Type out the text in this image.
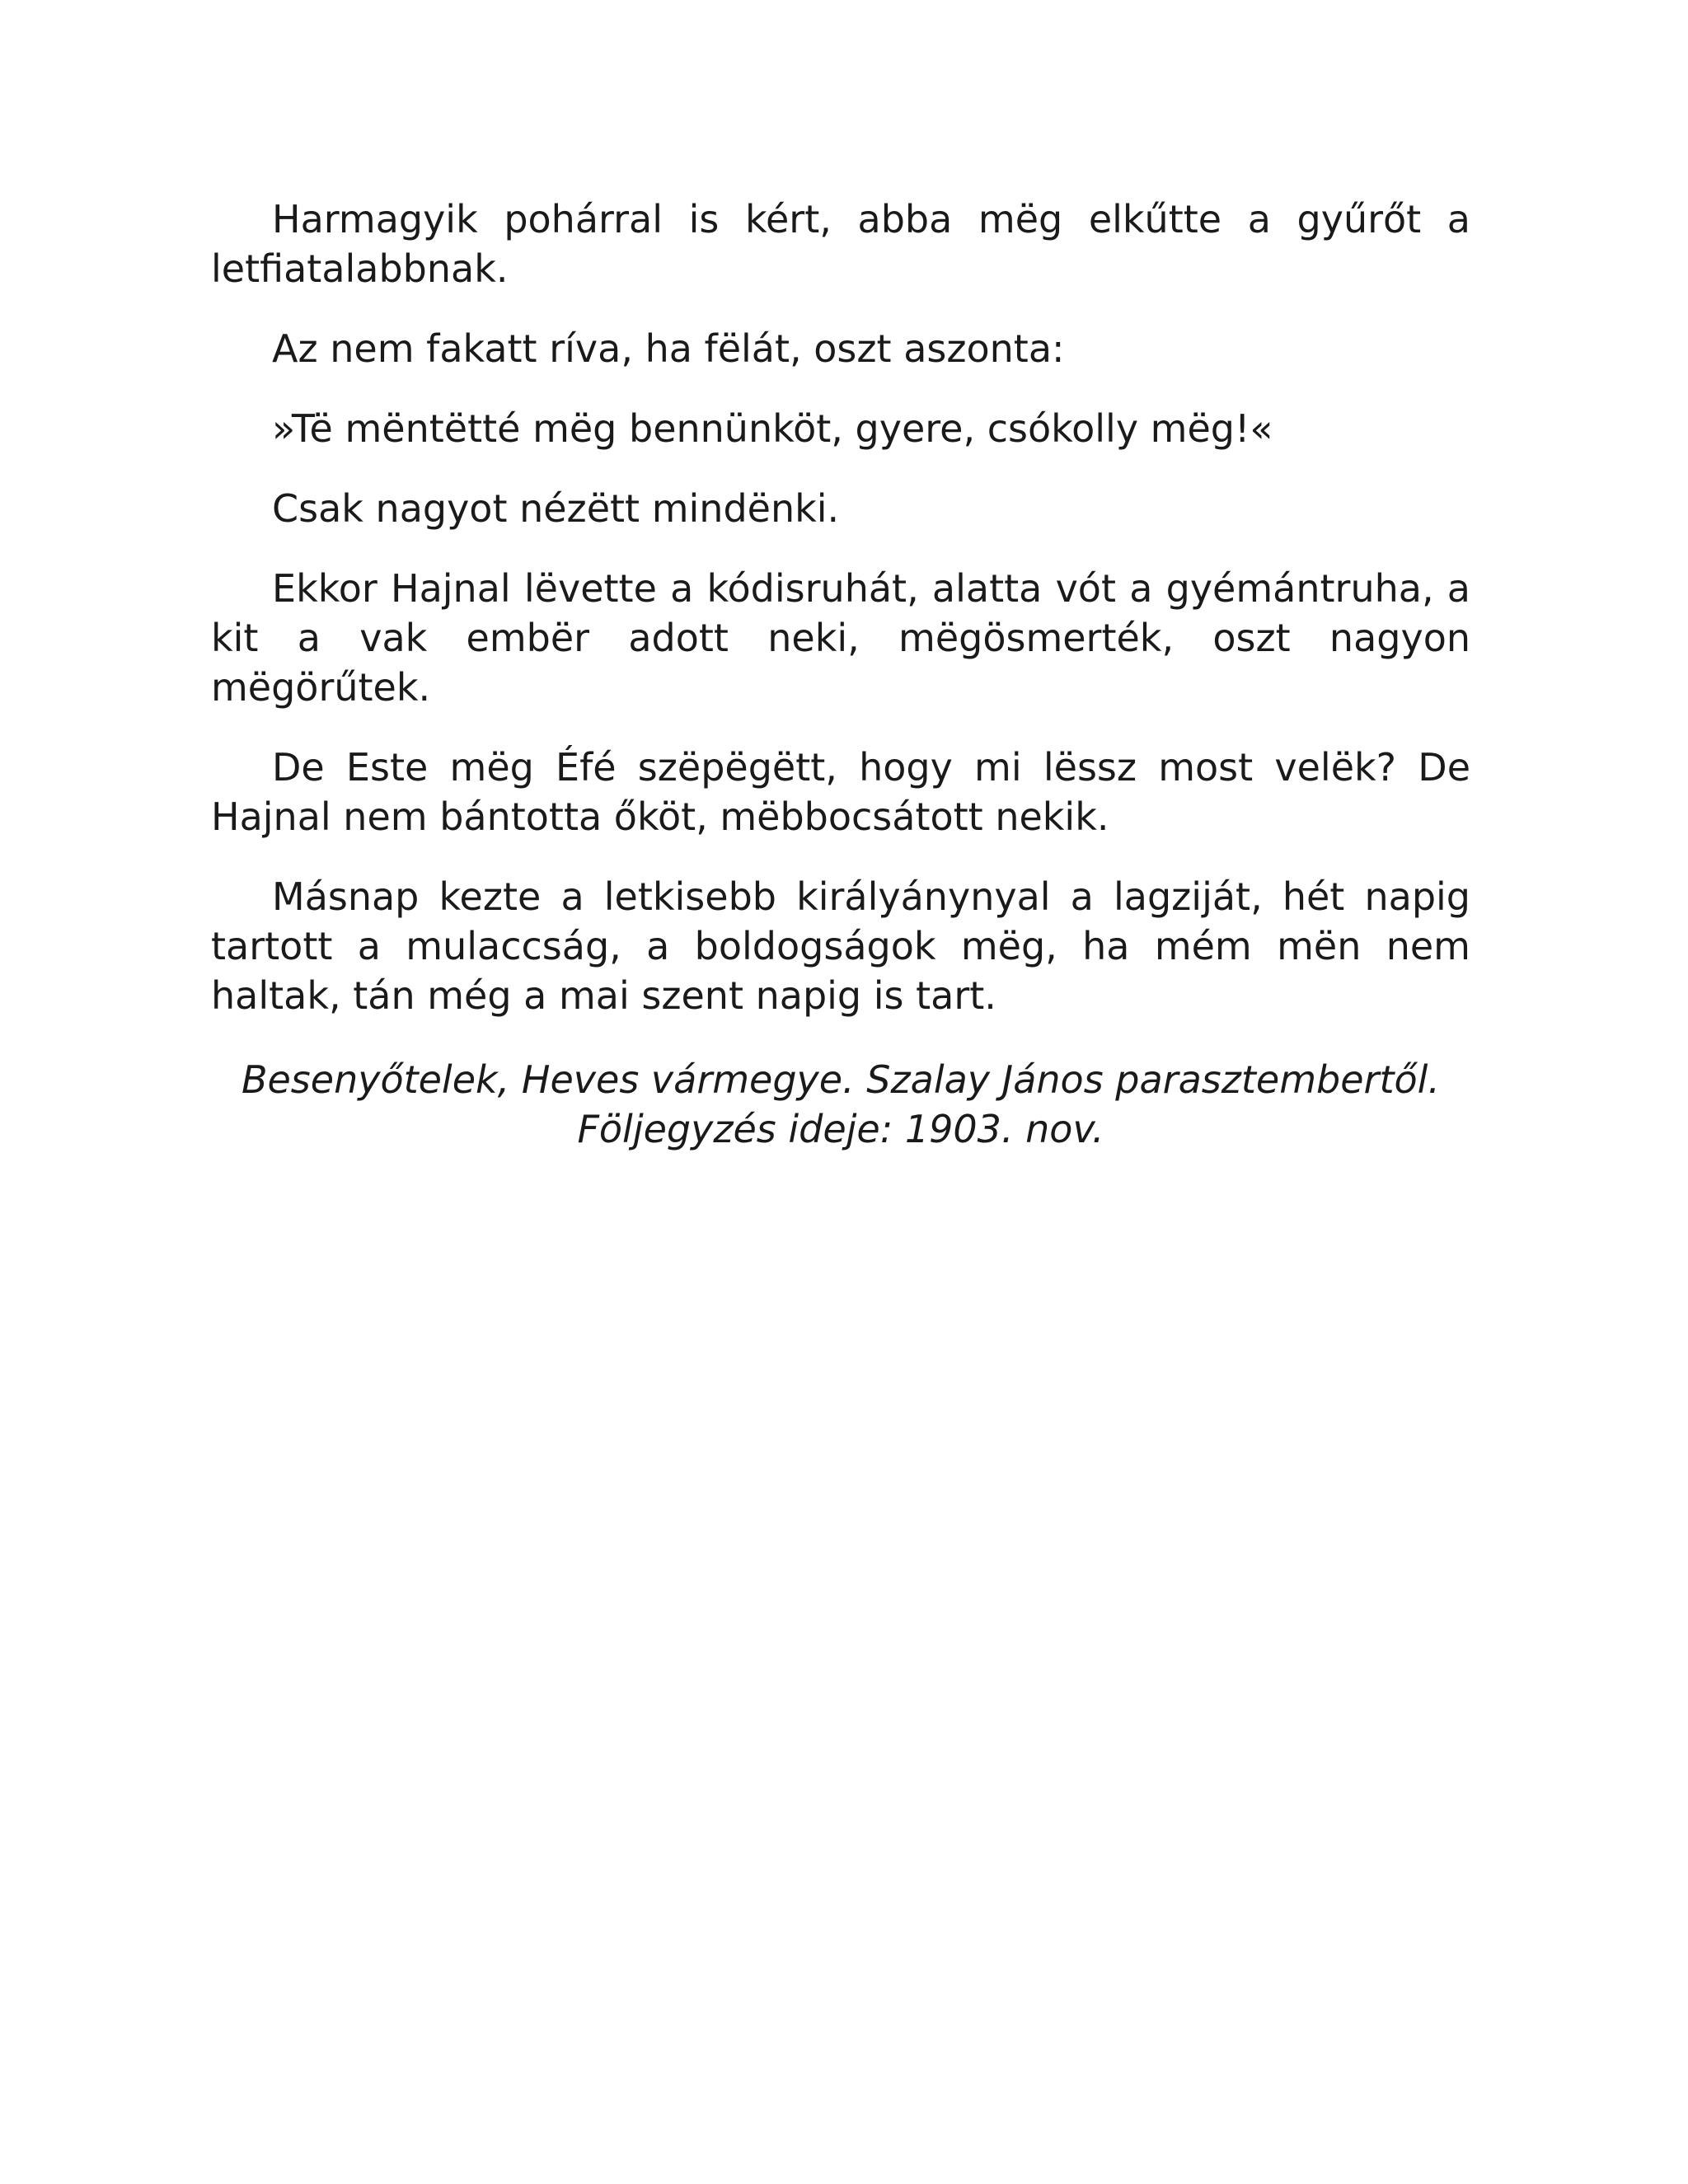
Harmagyik pohárral is kért, abba mëg elkűtte a gyűrőt a letfiatalabbnak.

Az nem fakatt ríva, ha fëlát, oszt aszonta:

»Të mëntëtté mëg bennünköt, gyere, csókolly mëg!«

Csak nagyot nézëtt mindënki.

Ekkor Hajnal lëvette a kódisruhát, alatta vót a gyémántruha, a kit a vak embër adott neki, mëgösmerték, oszt nagyon mëgörűtek.

De Este mëg Éfé szëpëgëtt, hogy mi lëssz most velëk? De Hajnal nem bántotta őköt, mëbbocsátott nekik.

Másnap kezte a letkisebb királyánynyal a lagziját, hét napig tartott a mulaccság, a boldogságok mëg, ha mém mën nem haltak, tán még a mai szent napig is tart.

Besenyőtelek, Heves vármegye. Szalay János parasztembertől.
Följegyzés ideje: 1903. nov.
